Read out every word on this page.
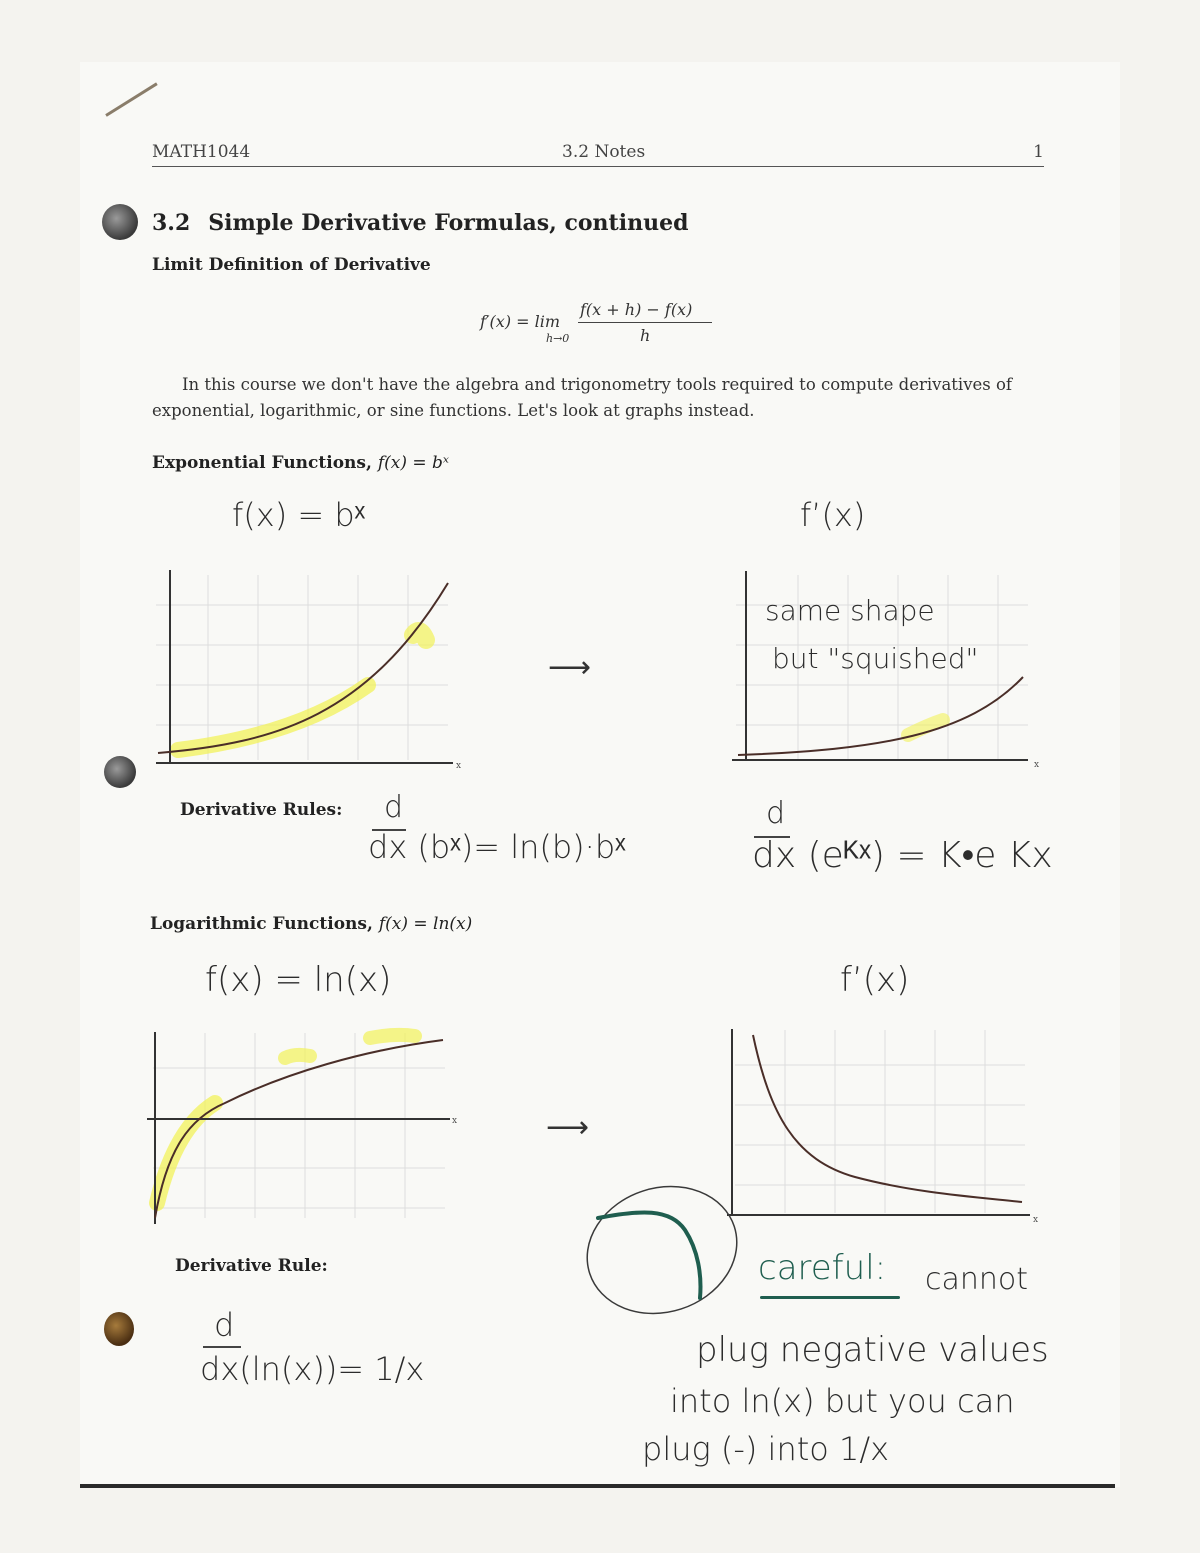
MATH1044	3.2 Notes	1
3.2 Simple Derivative Formulas, continued
Limit Definition of Derivative
f′(x) = lim
h→0
f(x + h) − f(x)
h
In this course we don't have the algebra and trigonometry tools required to compute derivatives of exponential, logarithmic, or sine functions. Let's look at graphs instead.
Exponential Functions, f(x) = bˣ
f(x) = bˣ	f’(x)
x
⟶
x
same shape
but "squished"
Derivative Rules: d
dx (bˣ)= ln(b)·bˣ
d
dx (eᴷˣ) = K•e Kx
Logarithmic Functions, f(x) = ln(x)
f(x) = ln(x)	f’(x)
x	⟶
x
Derivative Rule:
d
dx(ln(x))= 1/x
careful: cannot
plug negative values
into ln(x) but you can
plug (-) into 1/x
